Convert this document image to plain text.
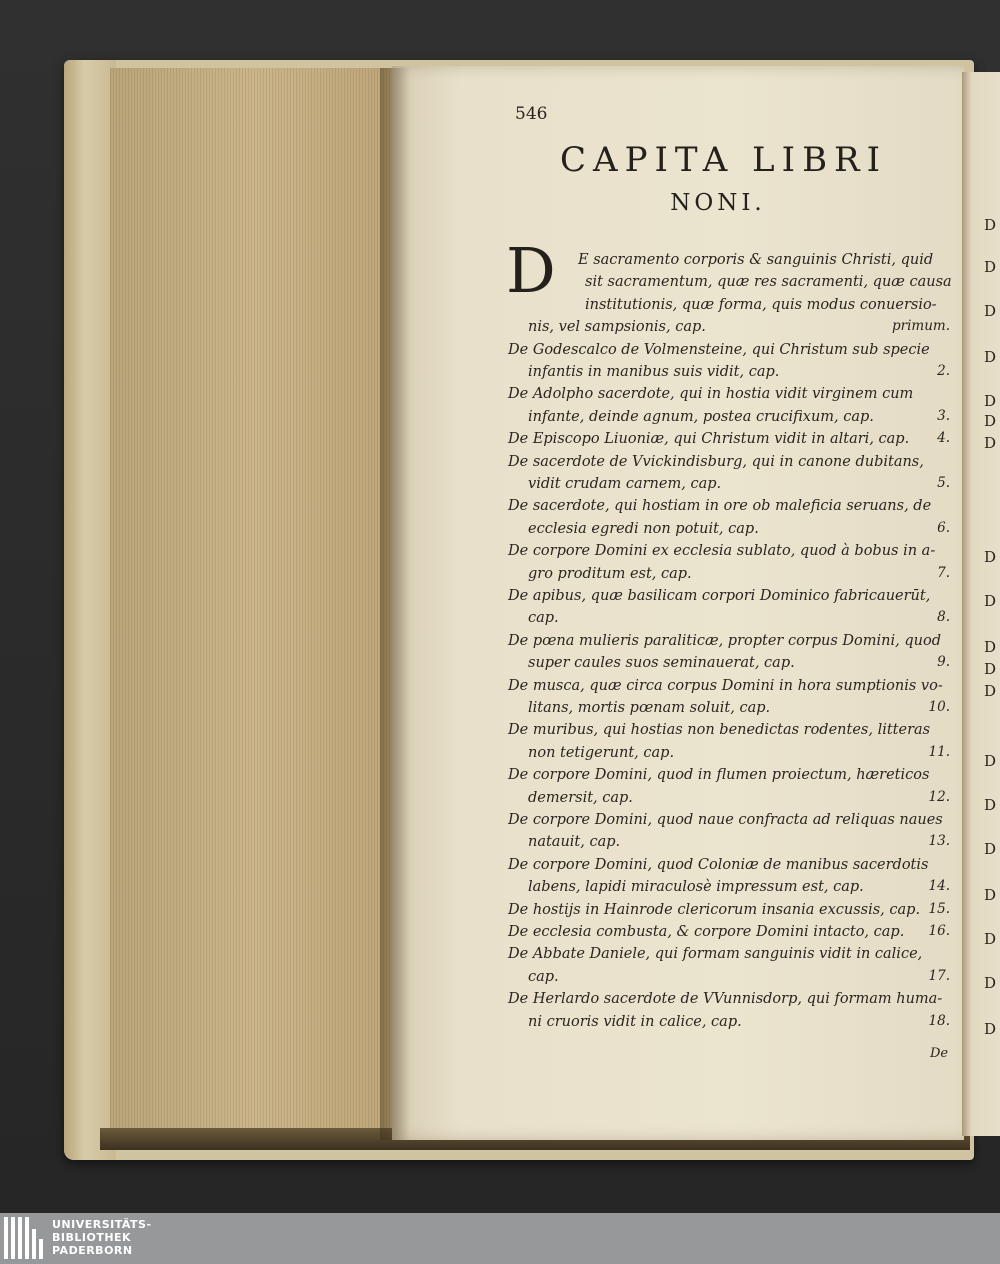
D
D
D
D
D
D
D
D
D
D
D
D
D
D
D
D
D
D
D
546
CAPITA LIBRI
NONI.
D E sacramento corporis & sanguinis Christi, quid
sit sacramentum, quæ res sacramenti, quæ causa
institutionis, quæ forma, quis modus conuersio-
nis, vel sampsionis, cap.	primum.
De Godescalco de Volmensteine, qui Christum sub specie
infantis in manibus suis vidit, cap.	2.
De Adolpho sacerdote, qui in hostia vidit virginem cum
infante, deinde agnum, postea crucifixum, cap.	3.
De Episcopo Liuoniæ, qui Christum vidit in altari, cap. 4.
De sacerdote de Vvickindisburg, qui in canone dubitans,
vidit crudam carnem, cap.	5.
De sacerdote, qui hostiam in ore ob maleficia seruans, de
ecclesia egredi non potuit, cap.	6.
De corpore Domini ex ecclesia sublato, quod à bobus in a-
gro proditum est, cap.	7.
De apibus, quæ basilicam corpori Dominico fabricauerūt,
cap.	8.
De pœna mulieris paraliticæ, propter corpus Domini, quod
super caules suos seminauerat, cap.	9.
De musca, quæ circa corpus Domini in hora sumptionis vo-
litans, mortis pœnam soluit, cap.	10.
De muribus, qui hostias non benedictas rodentes, litteras
non tetigerunt, cap.	11.
De corpore Domini, quod in flumen proiectum, hæreticos
demersit, cap.	12.
De corpore Domini, quod naue confracta ad reliquas naues
natauit, cap.	13.
De corpore Domini, quod Coloniæ de manibus sacerdotis
labens, lapidi miraculosè impressum est, cap.	14.
De hostijs in Hainrode clericorum insania excussis, cap. 15.
De ecclesia combusta, & corpore Domini intacto, cap. 16.
De Abbate Daniele, qui formam sanguinis vidit in calice,
cap.	17.
De Herlardo sacerdote de VVunnisdorp, qui formam huma-
ni cruoris vidit in calice, cap.	18.
De
UNIVERSITÄTS-
BIBLIOTHEK
PADERBORN
